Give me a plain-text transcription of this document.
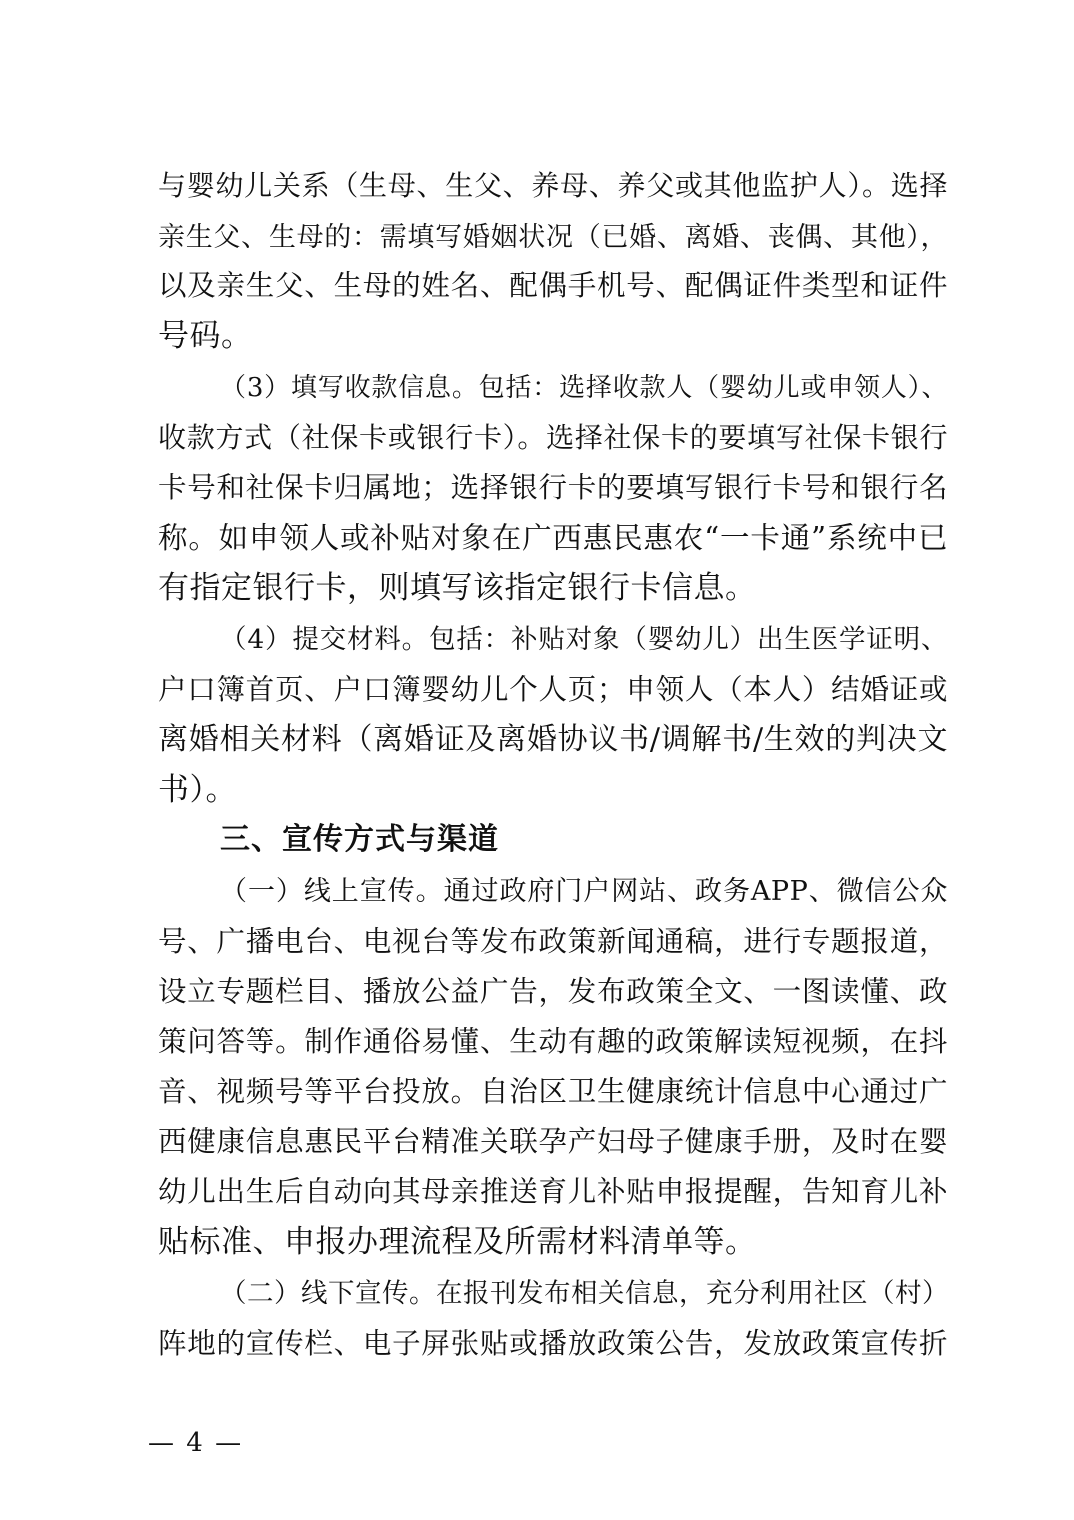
与婴幼儿关系（生母、生父、养母、养父或其他监护人）。选择
亲生父、生母的：需填写婚姻状况（已婚、离婚、丧偶、其他），
以及亲生父、生母的姓名、配偶手机号、配偶证件类型和证件
号码。
（3）填写收款信息。包括：选择收款人（婴幼儿或申领人）、
收款方式（社保卡或银行卡）。选择社保卡的要填写社保卡银行
卡号和社保卡归属地；选择银行卡的要填写银行卡号和银行名
称。如申领人或补贴对象在广西惠民惠农“一卡通”系统中已
有指定银行卡，则填写该指定银行卡信息。
（4）提交材料。包括：补贴对象（婴幼儿）出生医学证明、
户口簿首页、户口簿婴幼儿个人页；申领人（本人）结婚证或
离婚相关材料（离婚证及离婚协议书/调解书/生效的判决文
书）。
三、宣传方式与渠道
（一）线上宣传。通过政府门户网站、政务APP、微信公众
号、广播电台、电视台等发布政策新闻通稿，进行专题报道，
设立专题栏目、播放公益广告，发布政策全文、一图读懂、政
策问答等。制作通俗易懂、生动有趣的政策解读短视频，在抖
音、视频号等平台投放。自治区卫生健康统计信息中心通过广
西健康信息惠民平台精准关联孕产妇母子健康手册，及时在婴
幼儿出生后自动向其母亲推送育儿补贴申报提醒，告知育儿补
贴标准、申报办理流程及所需材料清单等。
（二）线下宣传。在报刊发布相关信息，充分利用社区（村）
阵地的宣传栏、电子屏张贴或播放政策公告，发放政策宣传折
— 4 —
